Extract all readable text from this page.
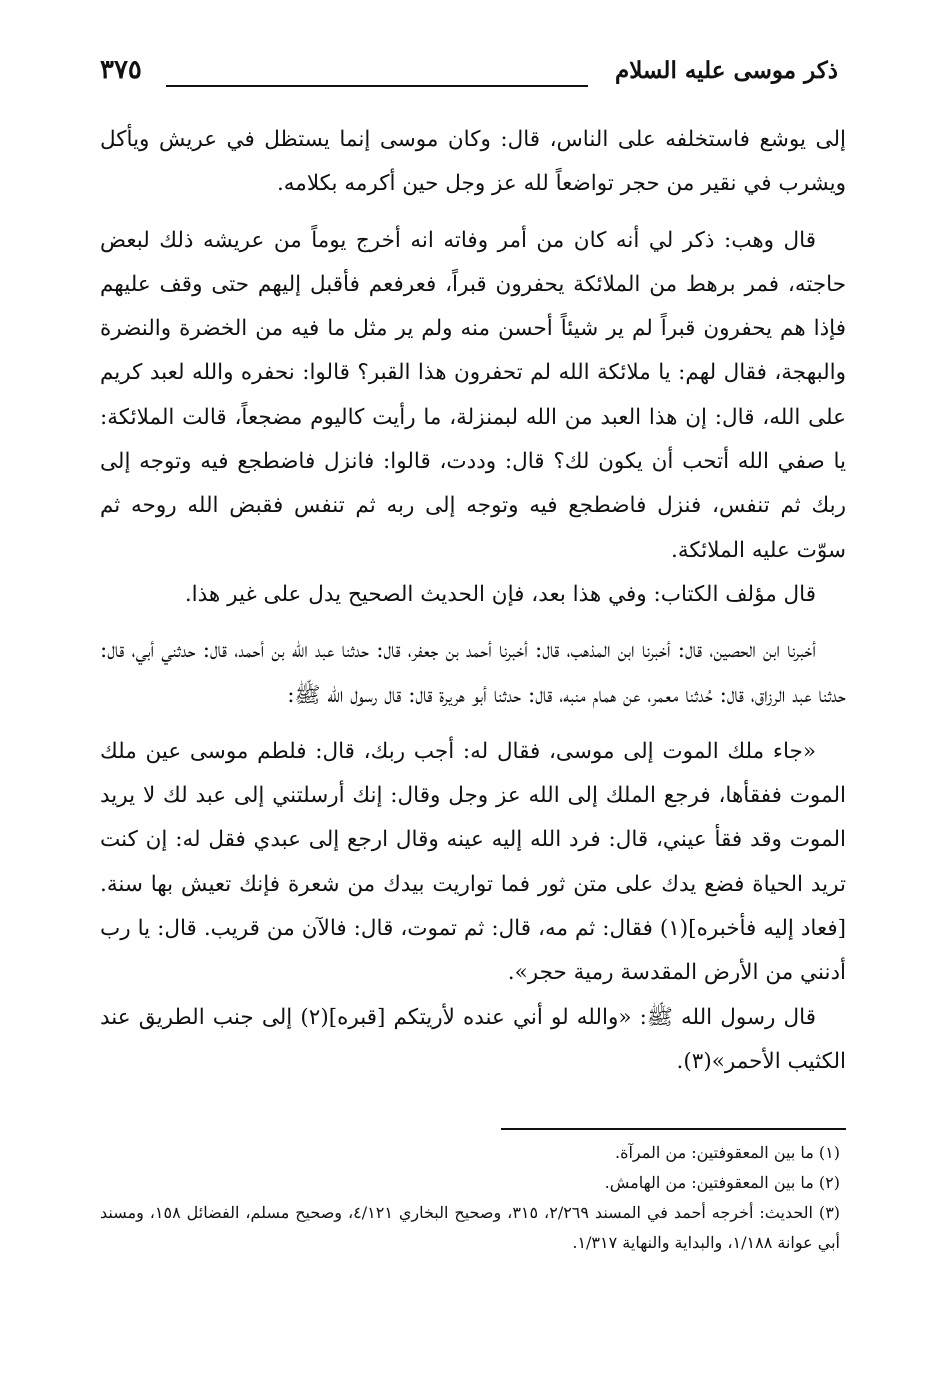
ذكر موسى عليه السلام
٣٧٥

إلى يوشع فاستخلفه على الناس، قال: وكان موسى إنما يستظل في عريش ويأكل ويشرب في نقير من حجر تواضعاً لله عز وجل حين أكرمه بكلامه.

قال وهب: ذكر لي أنه كان من أمر وفاته انه أخرج يوماً من عريشه ذلك لبعض حاجته، فمر برهط من الملائكة يحفرون قبراً، فعرفعم فأقبل إليهم حتى وقف عليهم فإذا هم يحفرون قبراً لم ير شيئاً أحسن منه ولم ير مثل ما فيه من الخضرة والنضرة والبهجة، فقال لهم: يا ملائكة الله لم تحفرون هذا القبر؟ قالوا: نحفره والله لعبد كريم على الله، قال: إن هذا العبد من الله لبمنزلة، ما رأيت كاليوم مضجعاً، قالت الملائكة: يا صفي الله أتحب أن يكون لك؟ قال: وددت، قالوا: فانزل فاضطجع فيه وتوجه إلى ربك ثم تنفس، فنزل فاضطجع فيه وتوجه إلى ربه ثم تنفس فقبض الله روحه ثم سوّت عليه الملائكة.

قال مؤلف الكتاب: وفي هذا بعد، فإن الحديث الصحيح يدل على غير هذا.

أخبرنا ابن الحصين، قال: أخبرنا ابن المذهب، قال: أخبرنا أحمد بن جعفر، قال: حدثنا عبد الله بن أحمد، قال: حدثني أبي، قال: حدثنا عبد الرزاق، قال: حُدثنا معمر، عن همام منبه، قال: حدثنا أبو هريرة قال: قال رسول الله ﷺ:

«جاء ملك الموت إلى موسى، فقال له: أجب ربك، قال: فلطم موسى عين ملك الموت ففقأها، فرجع الملك إلى الله عز وجل وقال: إنك أرسلتني إلى عبد لك لا يريد الموت وقد فقأ عيني، قال: فرد الله إليه عينه وقال ارجع إلى عبدي فقل له: إن كنت تريد الحياة فضع يدك على متن ثور فما تواريت بيدك من شعرة فإنك تعيش بها سنة. [فعاد إليه فأخبره](١) فقال: ثم مه، قال: ثم تموت، قال: فالآن من قريب. قال: يا رب أدنني من الأرض المقدسة رمية حجر».

قال رسول الله ﷺ: «والله لو أني عنده لأريتكم [قبره](٢) إلى جنب الطريق عند الكثيب الأحمر»(٣).

(١) ما بين المعقوفتين: من المرآة.

(٢) ما بين المعقوفتين: من الهامش.

(٣) الحديث: أخرجه أحمد في المسند ٢/٢٦٩، ٣١٥، وصحيح البخاري ٤/١٢١، وصحيح مسلم، الفضائل ١٥٨، ومسند أبي عوانة ١/١٨٨، والبداية والنهاية ١/٣١٧.
